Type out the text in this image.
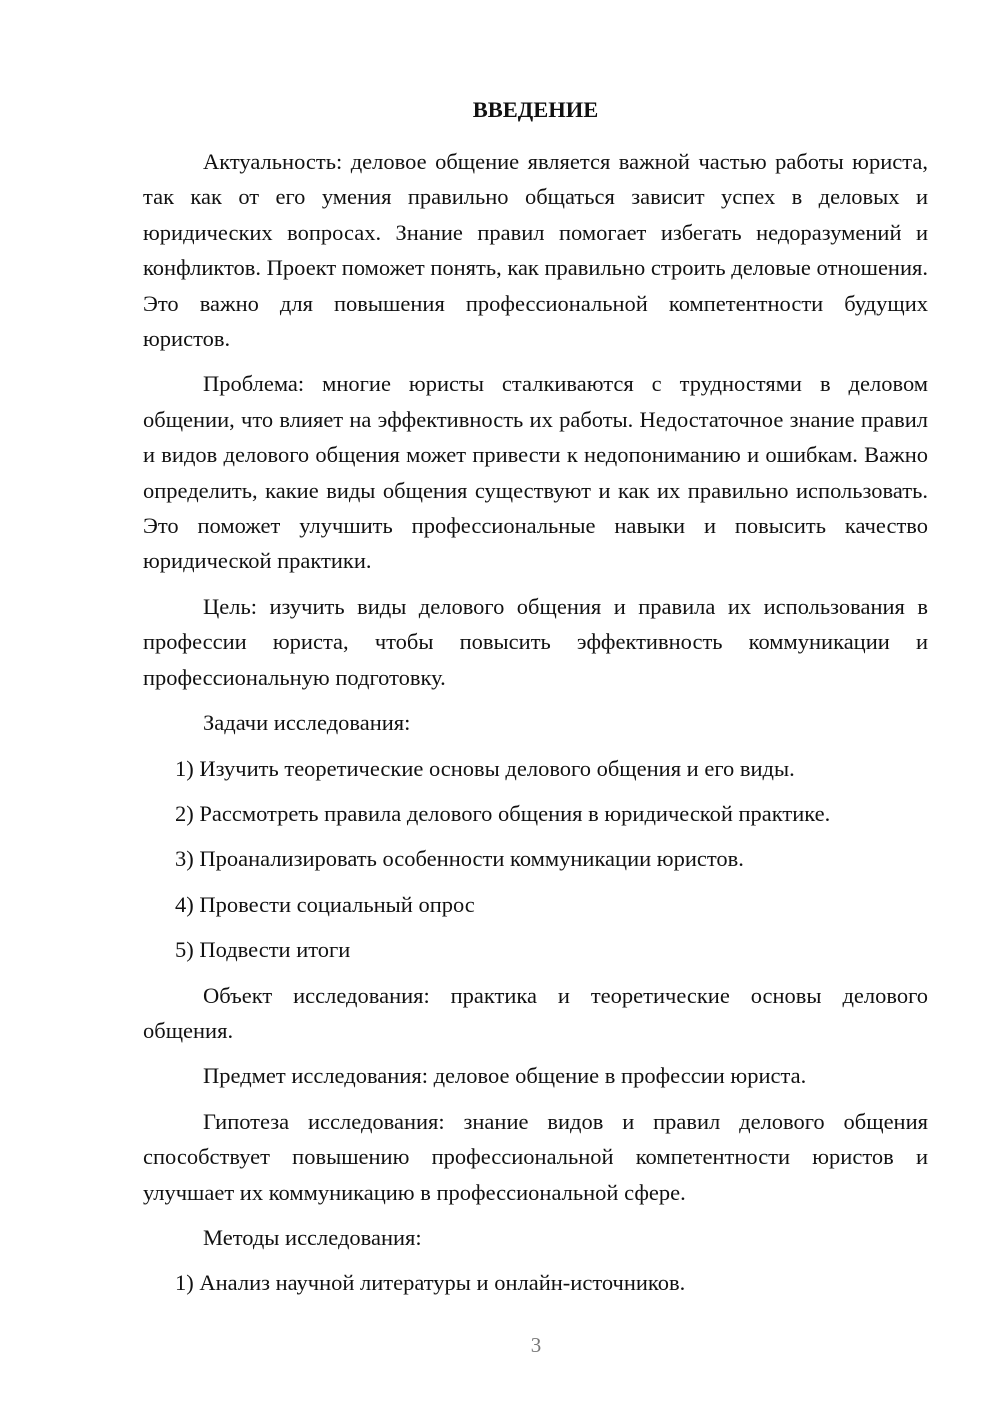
ВВЕДЕНИЕ

Актуальность: деловое общение является важной частью работы юриста, так как от его умения правильно общаться зависит успех в деловых и юридических вопросах. Знание правил помогает избегать недоразумений и конфликтов. Проект поможет понять, как правильно строить деловые отношения. Это важно для повышения профессиональной компетентности будущих юристов.

Проблема: многие юристы сталкиваются с трудностями в деловом общении, что влияет на эффективность их работы. Недостаточное знание правил и видов делового общения может привести к недопониманию и ошибкам. Важно определить, какие виды общения существуют и как их правильно использовать. Это поможет улучшить профессиональные навыки и повысить качество юридической практики.

Цель: изучить виды делового общения и правила их использования в профессии юриста, чтобы повысить эффективность коммуникации и профессиональную подготовку.

Задачи исследования:

1) Изучить теоретические основы делового общения и его виды.

2) Рассмотреть правила делового общения в юридической практике.

3) Проанализировать особенности коммуникации юристов.

4) Провести социальный опрос

5) Подвести итоги

Объект исследования: практика и теоретические основы делового общения.

Предмет исследования: деловое общение в профессии юриста.

Гипотеза исследования: знание видов и правил делового общения способствует повышению профессиональной компетентности юристов и улучшает их коммуникацию в профессиональной сфере.

Методы исследования:

1) Анализ научной литературы и онлайн-источников.

3
